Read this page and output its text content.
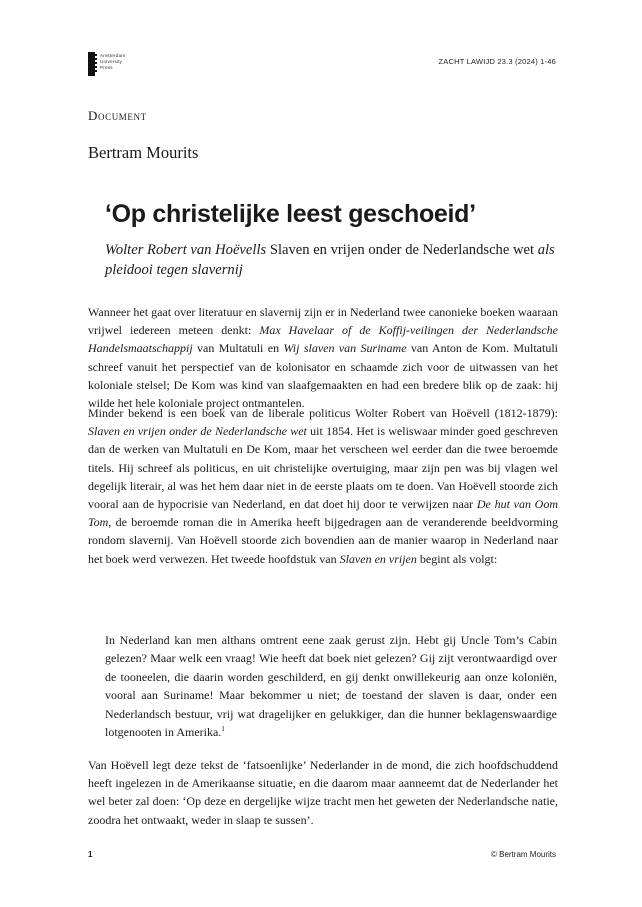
Amsterdam
University
Press
ZACHT LAWIJD 23.3 (2024) 1-46
Document
Bertram Mourits
‘Op christelijke leest geschoeid’
Wolter Robert van Hoëvells Slaven en vrijen onder de Nederlandsche wet als pleidooi tegen slavernij
Wanneer het gaat over literatuur en slavernij zijn er in Nederland twee canonieke boeken waaraan vrijwel iedereen meteen denkt: Max Havelaar of de Koffij-veilingen der Nederlandsche Handelsmaatschappij van Multatuli en Wij slaven van Suriname van Anton de Kom. Multatuli schreef vanuit het perspectief van de kolonisator en schaamde zich voor de uitwassen van het koloniale stelsel; De Kom was kind van slaafgemaakten en had een bredere blik op de zaak: hij wilde het hele koloniale project ontmantelen.
Minder bekend is een boek van de liberale politicus Wolter Robert van Hoëvell (1812-1879): Slaven en vrijen onder de Nederlandsche wet uit 1854. Het is weliswaar minder goed geschreven dan de werken van Multatuli en De Kom, maar het verscheen wel eerder dan die twee beroemde titels. Hij schreef als politicus, en uit christelijke overtuiging, maar zijn pen was bij vlagen wel degelijk literair, al was het hem daar niet in de eerste plaats om te doen. Van Hoëvell stoorde zich vooral aan de hypocrisie van Nederland, en dat doet hij door te verwijzen naar De hut van Oom Tom, de beroemde roman die in Amerika heeft bijgedragen aan de veranderende beeldvorming rondom slavernij. Van Hoëvell stoorde zich bovendien aan de manier waarop in Nederland naar het boek werd verwezen. Het tweede hoofdstuk van Slaven en vrijen begint als volgt:
In Nederland kan men althans omtrent eene zaak gerust zijn. Hebt gij Uncle Tom’s Cabin gelezen? Maar welk een vraag! Wie heeft dat boek niet gelezen? Gij zijt verontwaardigd over de tooneelen, die daarin worden geschilderd, en gij denkt onwillekeurig aan onze koloniën, vooral aan Suriname! Maar bekommer u niet; de toestand der slaven is daar, onder een Nederlandsch bestuur, vrij wat dragelijker en gelukkiger, dan die hunner beklagenswaardige lotgenooten in Amerika.$^1$
Van Hoëvell legt deze tekst de ‘fatsoenlijke’ Nederlander in de mond, die zich hoofdschuddend heeft ingelezen in de Amerikaanse situatie, en die daarom maar aanneemt dat de Nederlander het wel beter zal doen: ‘Op deze en dergelijke wijze tracht men het geweten der Nederlandsche natie, zoodra het ontwaakt, weder in slaap te sussen’.
1	© Bertram Mourits
